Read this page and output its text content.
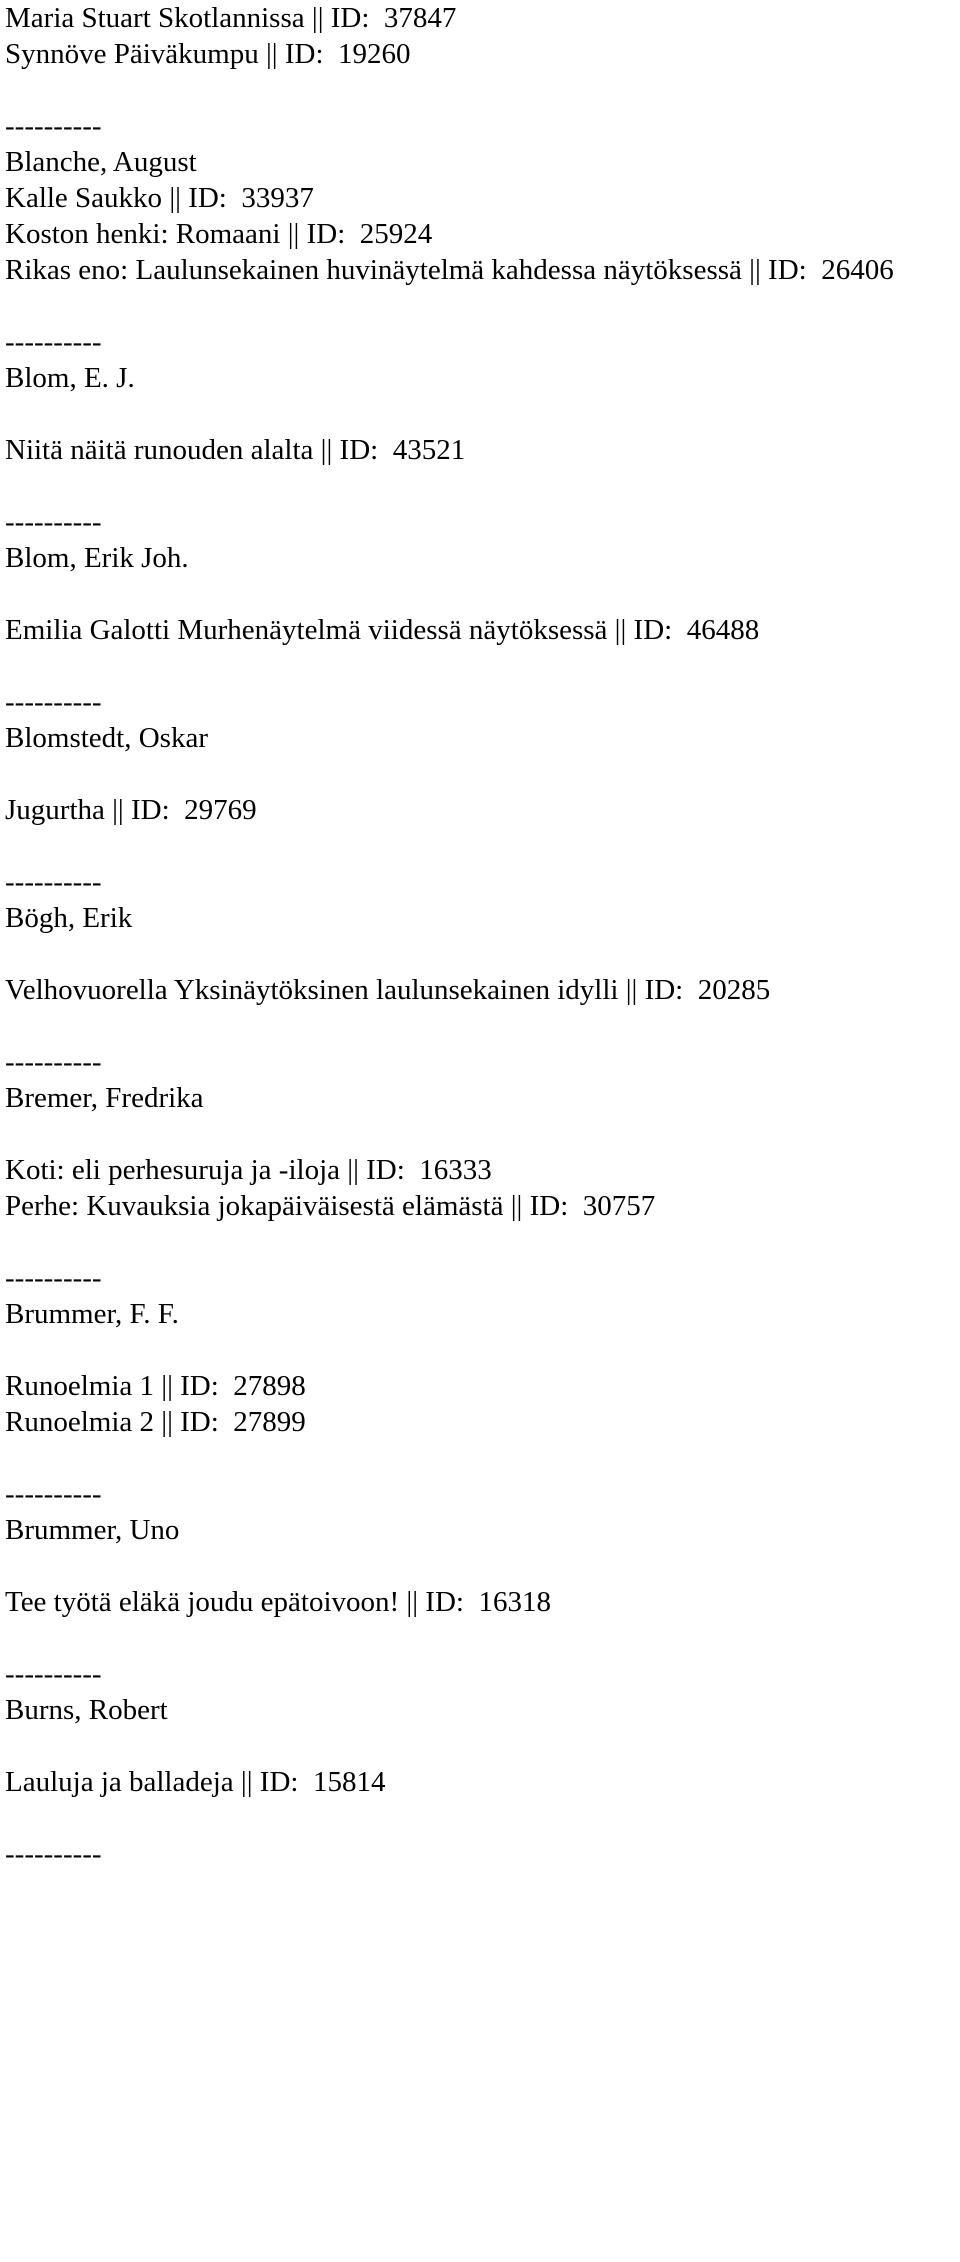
Maria Stuart Skotlannissa || ID:  37847
Synnöve Päiväkumpu || ID:  19260
----------
Blanche, August
Kalle Saukko || ID:  33937
Koston henki: Romaani || ID:  25924
Rikas eno: Laulunsekainen huvinäytelmä kahdessa näytöksessä || ID:  26406
----------
Blom, E. J.
Niitä näitä runouden alalta || ID:  43521
----------
Blom, Erik Joh.
Emilia Galotti Murhenäytelmä viidessä näytöksessä || ID:  46488
----------
Blomstedt, Oskar
Jugurtha || ID:  29769
----------
Bögh, Erik
Velhovuorella Yksinäytöksinen laulunsekainen idylli || ID:  20285
----------
Bremer, Fredrika
Koti: eli perhesuruja ja -iloja || ID:  16333
Perhe: Kuvauksia jokapäiväisestä elämästä || ID:  30757
----------
Brummer, F. F.
Runoelmia 1 || ID:  27898
Runoelmia 2 || ID:  27899
----------
Brummer, Uno
Tee työtä eläkä joudu epätoivoon! || ID:  16318
----------
Burns, Robert
Lauluja ja balladeja || ID:  15814
----------
